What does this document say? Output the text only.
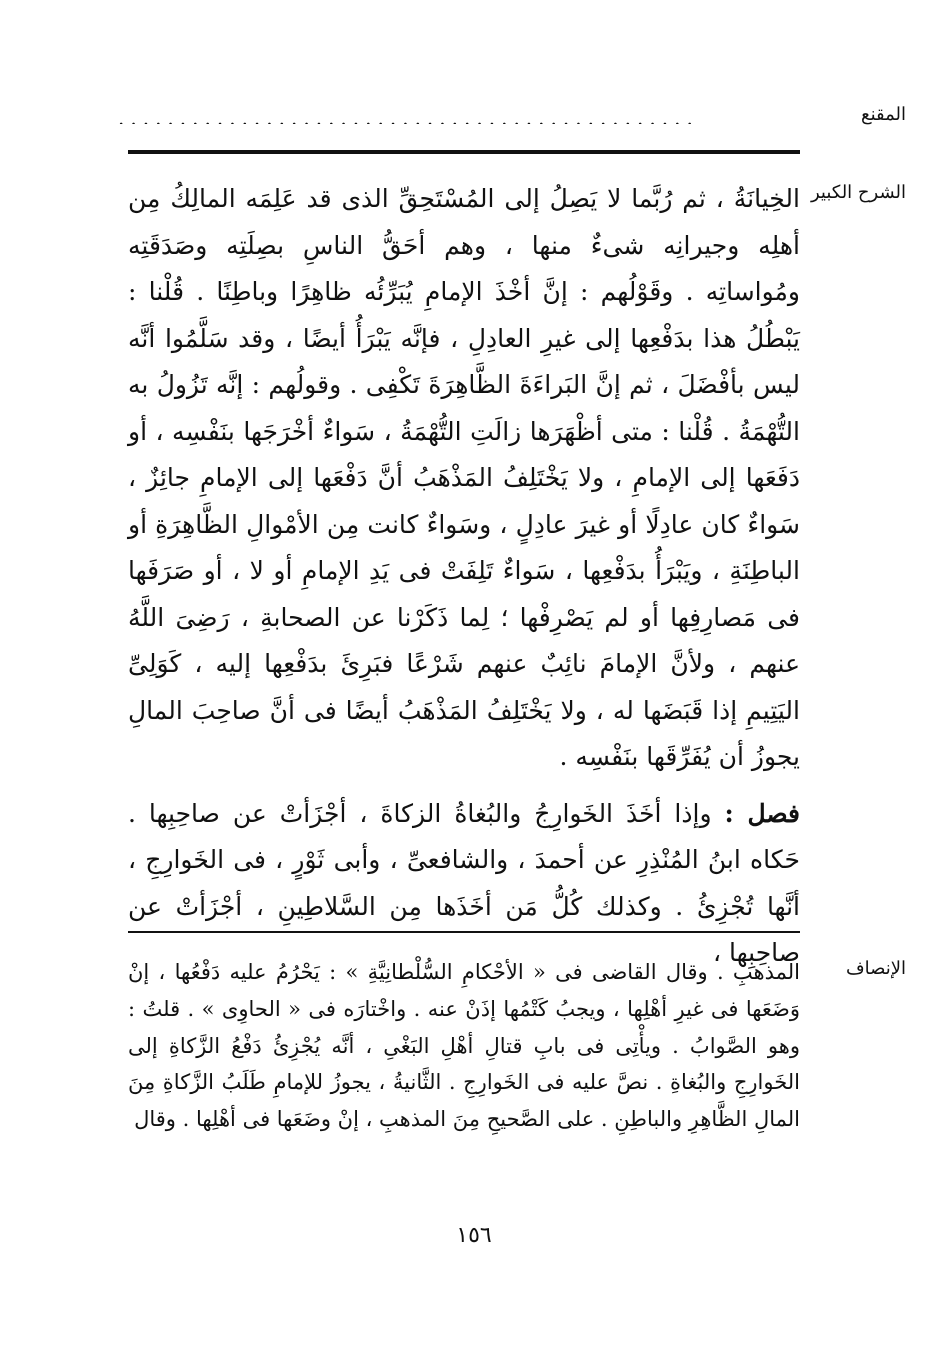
المقنع
...............................................
الشرح الكبير

الخِيانَةُ ، ثم رُبَّما لا يَصِلُ إلى المُسْتَحِقِّ الذى قد عَلِمَه المالِكُ مِن أهلِه وجيرانِه شىءٌ منها ، وهم أحَقُّ الناسِ بصِلَتِه وصَدَقَتِه ومُواساتِه . وقَوْلُهم : إنَّ أخْذَ الإمامِ يُبَرِّئُه ظاهِرًا وباطِنًا . قُلْنا : يَبْطُلُ هذا بدَفْعِها إلى غيرِ العادِلِ ، فإنَّه يَبْرَأُ أيضًا ، وقد سَلَّمُوا أنَّه ليس بأفْضَلَ ، ثم إنَّ البَراءَةَ الظَّاهِرَةَ تَكْفِى . وقولُهم : إنَّه تَزُولُ به التُّهْمَةُ . قُلْنا : متى أظْهَرَها زالَتِ التُّهْمَةُ ، سَواءٌ أخْرَجَها بنَفْسِه ، أو دَفَعَها إلى الإمامِ ، ولا يَخْتَلِفُ المَذْهَبُ أنَّ دَفْعَها إلى الإمامِ جائِزٌ ، سَواءٌ كان عادِلًا أو غيرَ عادِلٍ ، وسَواءٌ كانت مِن الأمْوالِ الظَّاهِرَةِ أو الباطِنَةِ ، ويَبْرَأُ بدَفْعِها ، سَواءٌ تَلِفَتْ فى يَدِ الإمامِ أو لا ، أو صَرَفَها فى مَصارِفِها أو لم يَصْرِفْها ؛ لِما ذَكَرْنا عن الصحابةِ ، رَضِىَ اللَّهُ عنهم ، ولأنَّ الإمامَ نائِبٌ عنهم شَرْعًا فبَرِئَ بدَفْعِها إليه ، كَوَلِىِّ اليَتِيمِ إذا قَبَضَها له ، ولا يَخْتَلِفُ المَذْهَبُ أيضًا فى أنَّ صاحِبَ المالِ يجوزُ أن يُفَرِّقَها بنَفْسِه .

فصل : وإذا أخَذَ الخَوارِجُ والبُغاةُ الزكاةَ ، أجْزَأتْ عن صاحِبِها . حَكاه ابنُ المُنْذِرِ عن أحمدَ ، والشافعىِّ ، وأبى ثَوْرٍ ، فى الخَوارِجِ ، أنَّها تُجْزِئُ . وكذلك كُلُّ مَن أخَذَها مِن السَّلاطِينِ ، أجْزَأتْ عن صاحِبِها ،

الإنصاف
المذهبِ . وقال القاضى فى « الأحْكامِ السُّلْطانِيَّةِ » : يَحْرُمُ عليه دَفْعُها ، إنْ وَضَعَها فى غيرِ أهْلِها ، ويجبُ كَتْمُها إذَنْ عنه . واخْتارَه فى « الحاوِى » . قلتُ : وهو الصَّوابُ . ويأْتِى فى بابِ قتالِ أهْلِ البَغْىِ ، أنَّه يُجْزِئُ دَفْعُ الزَّكاةِ إلى الخَوارِجِ والبُغاةِ . نصَّ عليه فى الخَوارِجِ . الثَّانيةُ ، يجوزُ للإمامِ طَلَبُ الزَّكاةِ مِنَ المالِ الظَّاهِرِ والباطِنِ . على الصَّحيحِ مِنَ المذهبِ ، إنْ وضَعَها فى أهْلِها . وقال
١٥٦
